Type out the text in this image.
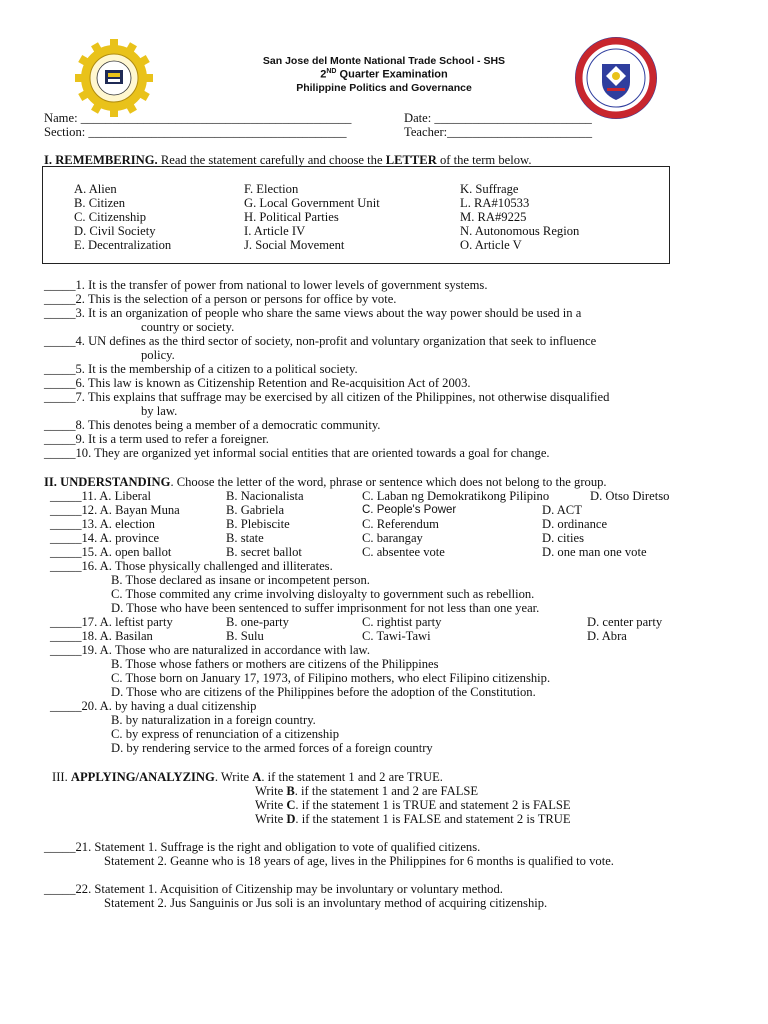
San Jose del Monte National Trade School - SHS
2ND Quarter Examination
Philippine Politics and Governance
Name: ___________________________________________	Date: _________________________
Section: _________________________________________	Teacher:_______________________
I. REMEMBERING. Read the statement carefully and choose the LETTER of the term below.
A. Alien	F. Election	K. Suffrage
B. Citizen	G. Local Government Unit	L. RA#10533
C. Citizenship	H. Political Parties	M. RA#9225
D. Civil Society	I. Article IV	N. Autonomous Region
E. Decentralization	J. Social Movement	O. Article V
_____1. It is the transfer of power from national to lower levels of government systems.
_____2. This is the selection of a person or persons for office by vote.
_____3. It is an organization of people who share the same views about the way power should be used in a
country or society.
_____4. UN defines as the third sector of society, non-profit and voluntary organization that seek to influence
policy.
_____5. It is the membership of a citizen to a political society.
_____6. This law is known as Citizenship Retention and Re-acquisition Act of 2003.
_____7. This explains that suffrage may be exercised by all citizen of the Philippines, not otherwise disqualified
by law.
_____8. This denotes being a member of a democratic community.
_____9. It is a term used to refer a foreigner.
_____10. They are organized yet informal social entities that are oriented towards a goal for change.
II. UNDERSTANDING. Choose the letter of the word, phrase or sentence which does not belong to the group.
_____11. A. Liberal	B. Nacionalista	C. Laban ng Demokratikong Pilipino	D. Otso Diretso
_____12. A. Bayan Muna	B. Gabriela	C. People's Power	D. ACT
_____13. A. election	B. Plebiscite	C. Referendum	D. ordinance
_____14. A. province	B. state	C. barangay	D. cities
_____15. A. open ballot	B. secret ballot	C. absentee vote	D. one man one vote
_____16. A. Those physically challenged and illiterates.
B. Those declared as insane or incompetent person.
C. Those commited any crime involving disloyalty to government such as rebellion.
D. Those who have been sentenced to suffer imprisonment for not less than one year.
_____17. A. leftist party	B. one-party	C. rightist party	D. center party
_____18. A. Basilan	B. Sulu	C. Tawi-Tawi	D. Abra
_____19. A. Those who are naturalized in accordance with law.
B. Those whose fathers or mothers are citizens of the Philippines
C. Those born on January 17, 1973, of Filipino mothers, who elect Filipino citizenship.
D. Those who are citizens of the Philippines before the adoption of the Constitution.
_____20. A. by having a dual citizenship
B. by naturalization in a foreign country.
C. by express of renunciation of a citizenship
D. by rendering service to the armed forces of a foreign country
III. APPLYING/ANALYZING. Write A. if the statement 1 and 2 are TRUE.
Write B. if the statement 1 and 2 are FALSE
Write C. if the statement 1 is TRUE and statement 2 is FALSE
Write D. if the statement 1 is FALSE and statement 2 is TRUE
_____21. Statement 1. Suffrage is the right and obligation to vote of qualified citizens.
Statement 2. Geanne who is 18 years of age, lives in the Philippines for 6 months is qualified to vote.
_____22. Statement 1. Acquisition of Citizenship may be involuntary or voluntary method.
Statement 2. Jus Sanguinis or Jus soli is an involuntary method of acquiring citizenship.
